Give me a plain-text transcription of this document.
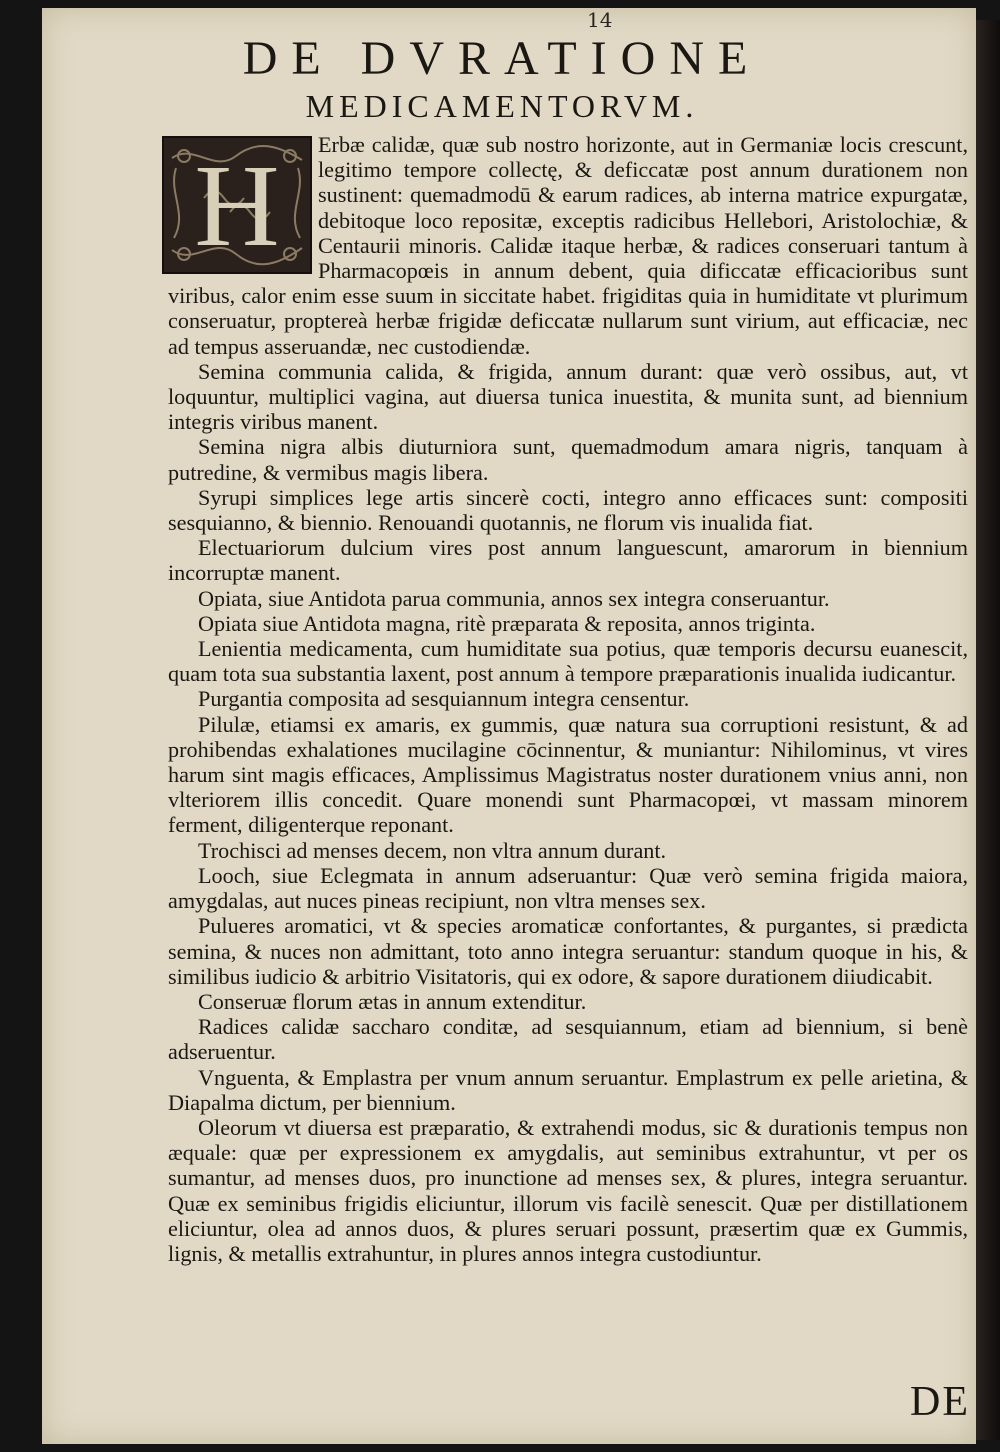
14
DE DVRATIONE
MEDICAMENTORVM.
H	Erbæ calidæ, quæ sub nostro horizonte, aut in Germaniæ locis crescunt, legitimo tempore collectę, & deficcatæ post annum durationem non sustinent: quemadmodū & earum radices, ab interna matrice expurgatæ, debitoque loco repositæ, exceptis radicibus Hellebori, Aristolochiæ, & Centaurii minoris. Calidæ itaque herbæ, & radices conseruari tantum à Pharmacopœis in annum debent, quia dificcatæ efficacioribus sunt viribus, calor enim esse suum in siccitate habet. frigiditas quia in humiditate vt plurimum conseruatur, proptereà herbæ frigidæ deficcatæ nullarum sunt virium, aut efficaciæ, nec ad tempus asseruandæ, nec custodiendæ.

Semina communia calida, & frigida, annum durant: quæ verò ossibus, aut, vt loquuntur, multiplici vagina, aut diuersa tunica inuestita, & munita sunt, ad biennium integris viribus manent.

Semina nigra albis diuturniora sunt, quemadmodum amara nigris, tanquam à putredine, & vermibus magis libera.

Syrupi simplices lege artis sincerè cocti, integro anno efficaces sunt: compositi sesquianno, & biennio. Renouandi quotannis, ne florum vis inualida fiat.

Electuariorum dulcium vires post annum languescunt, amarorum in biennium incorruptæ manent.

Opiata, siue Antidota parua communia, annos sex integra conseruantur.

Opiata siue Antidota magna, ritè præparata & reposita, annos triginta.

Lenientia medicamenta, cum humiditate sua potius, quæ temporis decursu euanescit, quam tota sua substantia laxent, post annum à tempore præparationis inualida iudicantur.

Purgantia composita ad sesquiannum integra censentur.

Pilulæ, etiamsi ex amaris, ex gummis, quæ natura sua corruptioni resistunt, & ad prohibendas exhalationes mucilagine cōcinnentur, & muniantur: Nihilominus, vt vires harum sint magis efficaces, Amplissimus Magistratus noster durationem vnius anni, non vlteriorem illis concedit. Quare monendi sunt Pharmacopœi, vt massam minorem ferment, diligenterque reponant.

Trochisci ad menses decem, non vltra annum durant.

Looch, siue Eclegmata in annum adseruantur: Quæ verò semina frigida maiora, amygdalas, aut nuces pineas recipiunt, non vltra menses sex.

Pulueres aromatici, vt & species aromaticæ confortantes, & purgantes, si prædicta semina, & nuces non admittant, toto anno integra seruantur: standum quoque in his, & similibus iudicio & arbitrio Visitatoris, qui ex odore, & sapore durationem diiudicabit.

Conseruæ florum ætas in annum extenditur.

Radices calidæ saccharo conditæ, ad sesquiannum, etiam ad biennium, si benè adseruentur.

Vnguenta, & Emplastra per vnum annum seruantur. Emplastrum ex pelle arietina, & Diapalma dictum, per biennium.

Oleorum vt diuersa est præparatio, & extrahendi modus, sic & durationis tempus non æquale: quæ per expressionem ex amygdalis, aut seminibus extrahuntur, vt per os sumantur, ad menses duos, pro inunctione ad menses sex, & plures, integra seruantur. Quæ ex seminibus frigidis eliciuntur, illorum vis facilè senescit. Quæ per distillationem eliciuntur, olea ad annos duos, & plures seruari possunt, præsertim quæ ex Gummis, lignis, & metallis extrahuntur, in plures annos integra custodiuntur.

DE
